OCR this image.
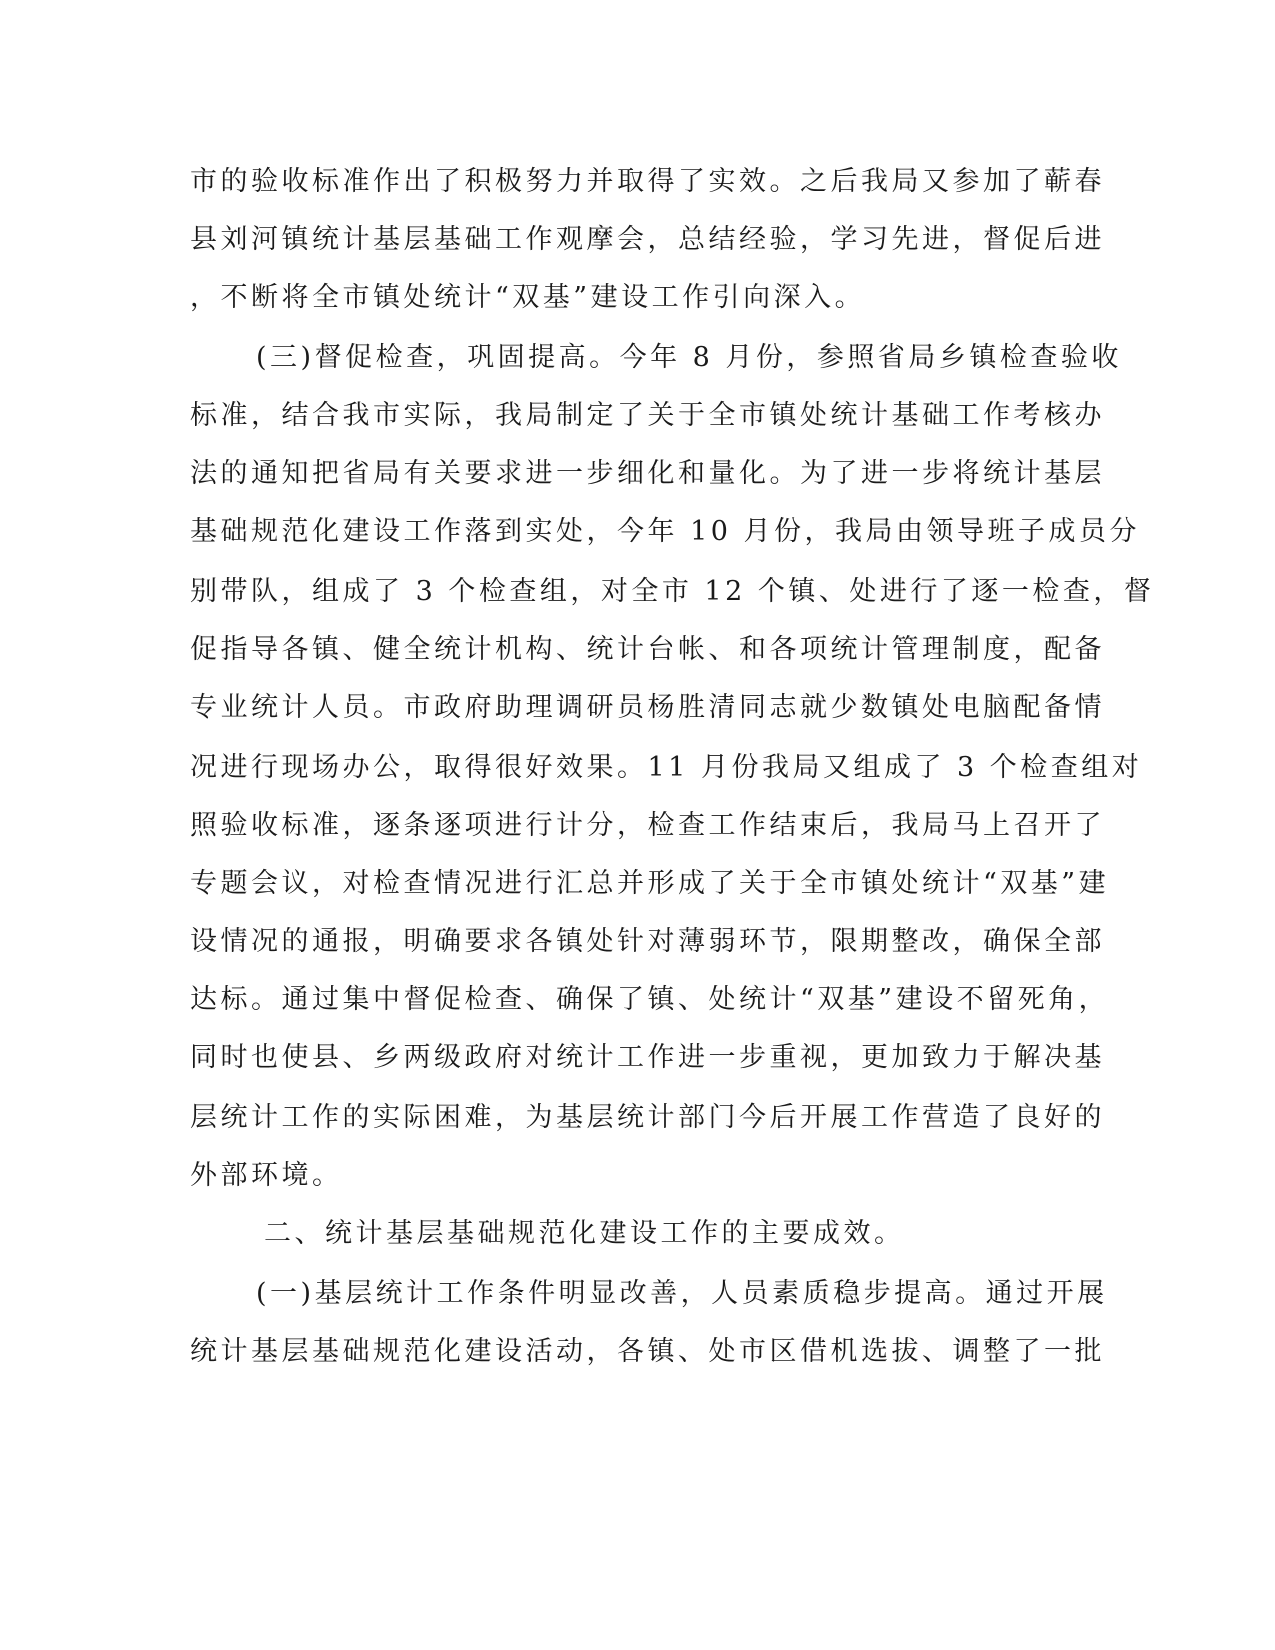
市的验收标准作出了积极努力并取得了实效。之后我局又参加了蕲春
县刘河镇统计基层基础工作观摩会，总结经验，学习先进，督促后进
，不断将全市镇处统计“双基”建设工作引向深入。
(三)督促检查，巩固提高。今年 8 月份，参照省局乡镇检查验收
标准，结合我市实际，我局制定了关于全市镇处统计基础工作考核办
法的通知把省局有关要求进一步细化和量化。为了进一步将统计基层
基础规范化建设工作落到实处，今年 10 月份，我局由领导班子成员分
别带队，组成了 3 个检查组，对全市 12 个镇、处进行了逐一检查，督
促指导各镇、健全统计机构、统计台帐、和各项统计管理制度，配备
专业统计人员。市政府助理调研员杨胜清同志就少数镇处电脑配备情
况进行现场办公，取得很好效果。11 月份我局又组成了 3 个检查组对
照验收标准，逐条逐项进行计分，检查工作结束后，我局马上召开了
专题会议，对检查情况进行汇总并形成了关于全市镇处统计“双基”建
设情况的通报，明确要求各镇处针对薄弱环节，限期整改，确保全部
达标。通过集中督促检查、确保了镇、处统计“双基”建设不留死角，
同时也使县、乡两级政府对统计工作进一步重视，更加致力于解决基
层统计工作的实际困难，为基层统计部门今后开展工作营造了良好的
外部环境。
二、统计基层基础规范化建设工作的主要成效。
(一)基层统计工作条件明显改善，人员素质稳步提高。通过开展
统计基层基础规范化建设活动，各镇、处市区借机选拔、调整了一批
